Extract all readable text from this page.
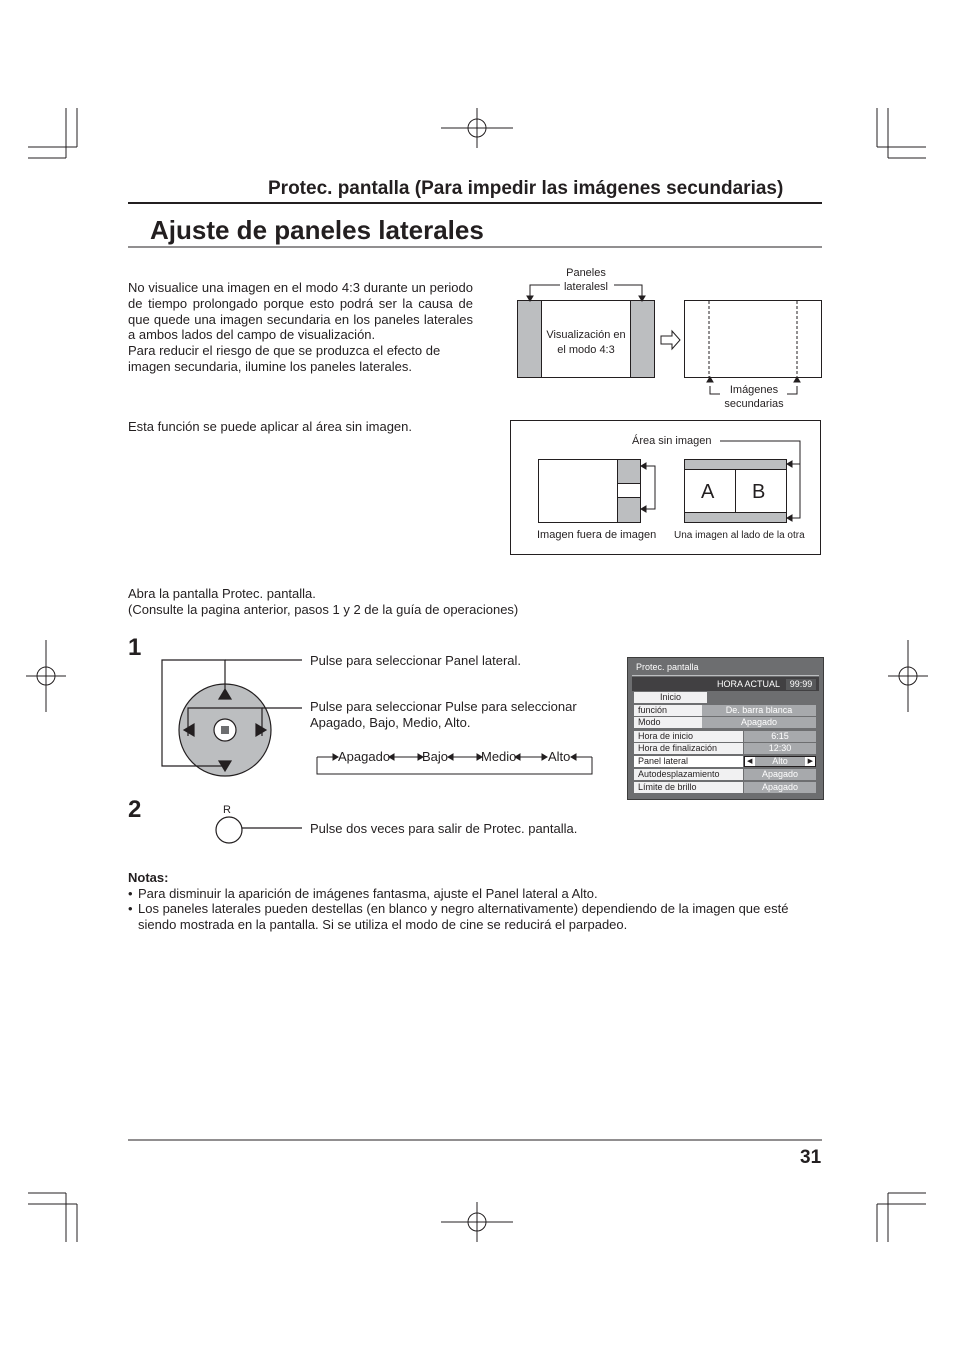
Protec. pantalla (Para impedir las imágenes secundarias)
Ajuste de paneles laterales

No visualice una imagen en el modo 4:3 durante un periodo de tiempo prolongado porque esto podrá ser la causa de que quede una imagen secundaria en los paneles laterales a ambos lados del campo de visualización.

Para reducir el riesgo de que se produzca el efecto de imagen secundaria, ilumine los paneles laterales.

Paneles
lateralesl
Visualización en
el modo 4:3
Imágenes
secundarias
Esta función se puede aplicar al área sin imagen.
Área sin imagen
A B
Imagen fuera de imagen Una imagen al lado de la otra
Abra la pantalla Protec. pantalla.
(Consulte la pagina anterior, pasos 1 y 2 de la guía de operaciones)
1	Pulse para seleccionar Panel lateral.
Pulse para seleccionar Pulse para seleccionar
Apagado, Bajo, Medio, Alto.
Apagado Bajo	Medio Alto
2	R
Pulse dos veces para salir de Protec. pantalla.
Protec. pantalla
HORA ACTUAL	99:99
Inicio
función	De. barra blanca
Modo	Apagado
Hora de inicio	6:15
Hora de finalización	12:30
Panel lateral	◀ Alto	▶
Autodesplazamiento	Apagado
Límite de brillo	Apagado
Notas:
• Para disminuir la aparición de imágenes fantasma, ajuste el Panel lateral a Alto.
• Los paneles laterales pueden destellas (en blanco y negro alternativamente) dependiendo de la imagen que esté siendo mostrada en la pantalla. Si se utiliza el modo de cine se reducirá el parpadeo.
31
